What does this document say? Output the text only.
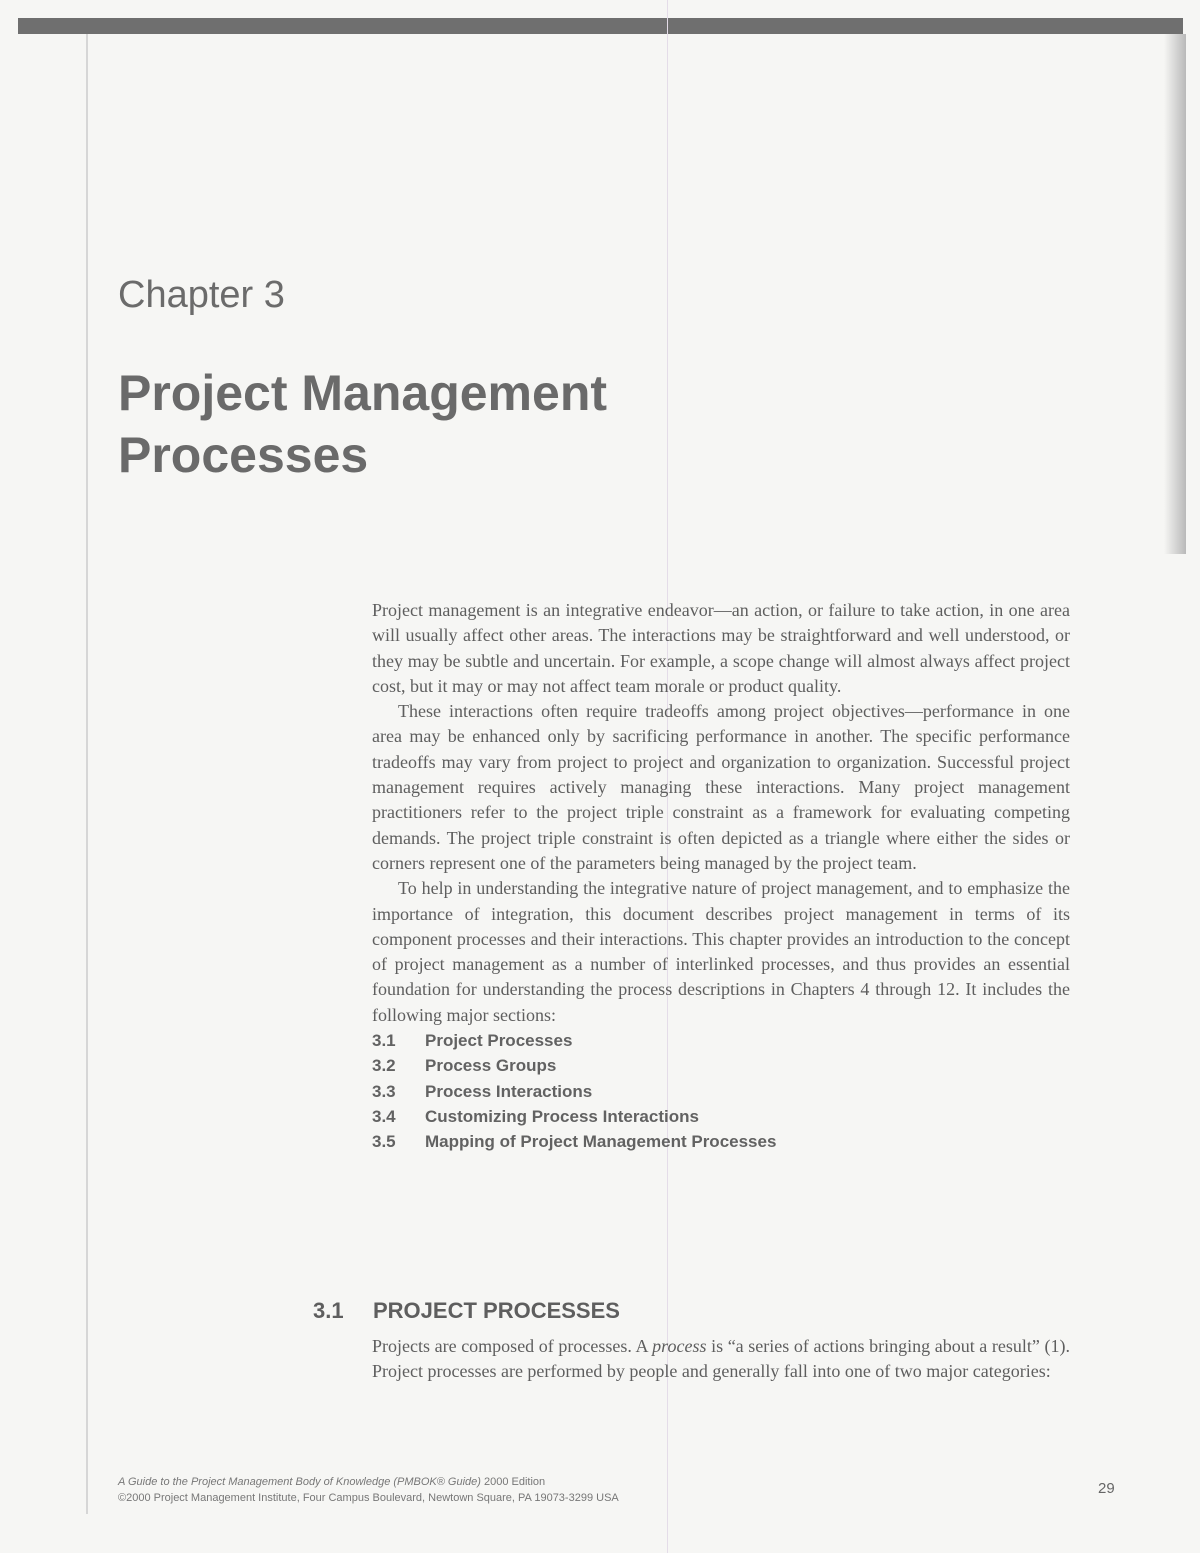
Chapter 3
Project Management
Processes

Project management is an integrative endeavor—an action, or failure to take action, in one area will usually affect other areas. The interactions may be straightforward and well understood, or they may be subtle and uncertain. For example, a scope change will almost always affect project cost, but it may or may not affect team morale or product quality.

These interactions often require tradeoffs among project objectives—performance in one area may be enhanced only by sacrificing performance in another. The specific performance tradeoffs may vary from project to project and organization to organization. Successful project management requires actively managing these interactions. Many project management practitioners refer to the project triple constraint as a framework for evaluating competing demands. The project triple constraint is often depicted as a triangle where either the sides or corners represent one of the parameters being managed by the project team.

To help in understanding the integrative nature of project management, and to emphasize the importance of integration, this document describes project management in terms of its component processes and their interactions. This chapter provides an introduction to the concept of project management as a number of interlinked processes, and thus provides an essential foundation for understanding the process descriptions in Chapters 4 through 12. It includes the following major sections:

3.1 Project Processes
3.2 Process Groups
3.3 Process Interactions
3.4 Customizing Process Interactions
3.5 Mapping of Project Management Processes
3.1 PROJECT PROCESSES

Projects are composed of processes. A process is “a series of actions bringing about a result” (1). Project processes are performed by people and generally fall into one of two major categories:

A Guide to the Project Management Body of Knowledge (PMBOK® Guide) 2000 Edition
©2000 Project Management Institute, Four Campus Boulevard, Newtown Square, PA 19073-3299 USA
29
